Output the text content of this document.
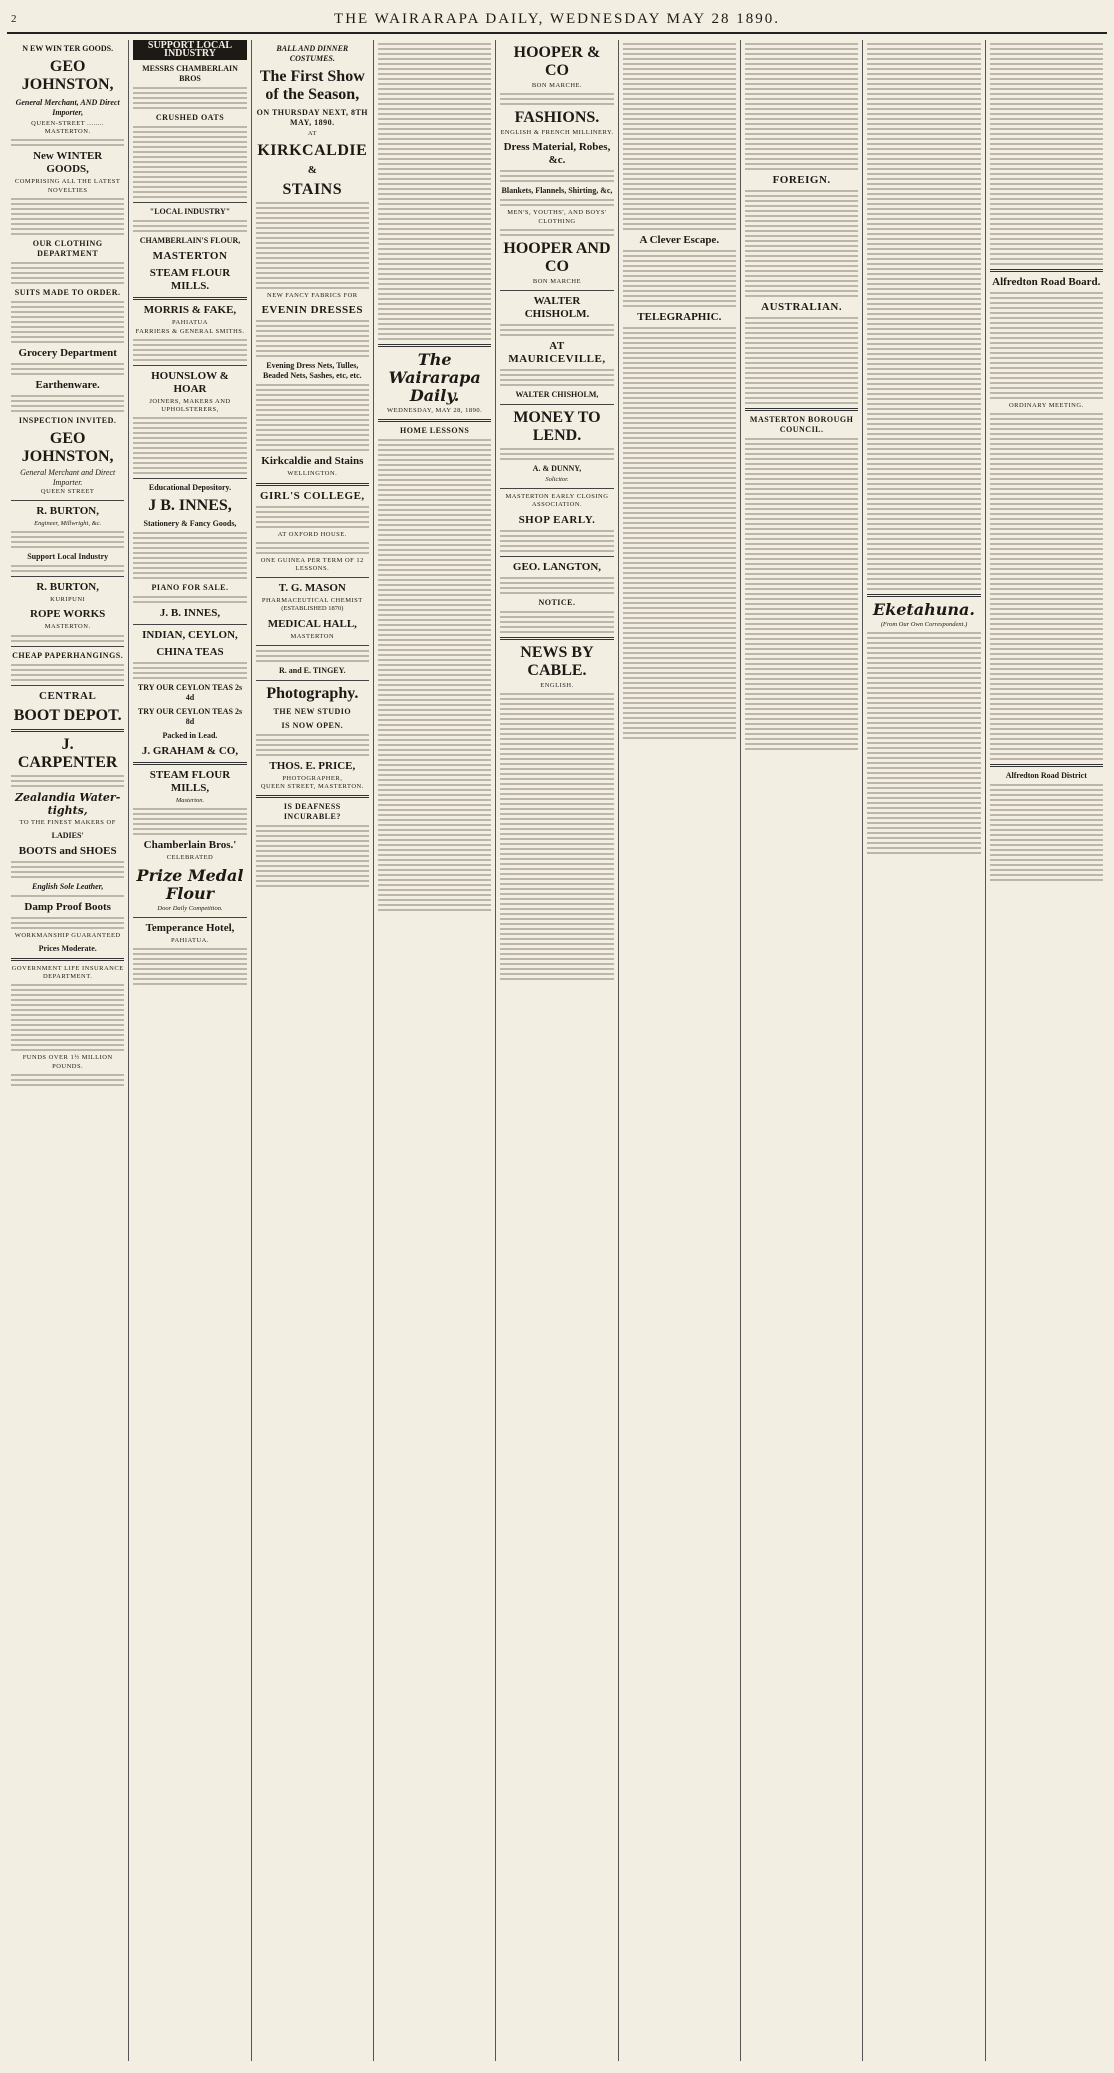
2	THE WAIRARAPA DAILY, WEDNESDAY MAY 28 1890.
N EW WIN TER GOODS.
GEO JOHNSTON,
General Merchant, AND Direct Importer,
QUEEN-STREET ........ MASTERTON.
New WINTER GOODS,
COMPRISING ALL THE LATEST NOVELTIES
OUR CLOTHING DEPARTMENT
SUITS MADE TO ORDER.
Grocery Department
Earthenware.
INSPECTION INVITED.
GEO JOHNSTON,
General Merchant and Direct Importer.
QUEEN STREET
R. BURTON,
Engineer, Millwright, &c.
Support Local Industry
R. BURTON,
KURIPUNI
ROPE WORKS
MASTERTON.
CHEAP PAPERHANGINGS.
CENTRAL
BOOT DEPOT.
J. CARPENTER
Zealandia Water-tights,
TO THE FINEST MAKERS OF
LADIES'
BOOTS and SHOES
English Sole Leather,
Damp Proof Boots
WORKMANSHIP GUARANTEED
Prices Moderate.
GOVERNMENT LIFE INSURANCE DEPARTMENT.
FUNDS OVER 1½ MILLION POUNDS.
SUPPORT LOCAL INDUSTRY
MESSRS CHAMBERLAIN BROS
CRUSHED OATS
"LOCAL INDUSTRY"
CHAMBERLAIN'S FLOUR,
MASTERTON
STEAM FLOUR MILLS.
MORRIS & FAKE,
PAHIATUA
FARRIERS & GENERAL SMITHS.
HOUNSLOW & HOAR
JOINERS, MAKERS AND UPHOLSTERERS,
Educational Depository.
J B. INNES,
Stationery & Fancy Goods,
PIANO FOR SALE.
J. B. INNES,
INDIAN, CEYLON,
CHINA TEAS
TRY OUR CEYLON TEAS 2s 4d
TRY OUR CEYLON TEAS 2s 8d
Packed in Lead.
J. GRAHAM & CO,
STEAM FLOUR MILLS,
Masterton.
Chamberlain Bros.'
CELEBRATED
Prize Medal Flour
Door Daily Competition.
Temperance Hotel,
PAHIATUA.
BALL AND DINNER COSTUMES.
The First Show of the Season,
ON THURSDAY NEXT, 8TH MAY, 1890.
AT
KIRKCALDIE
&
STAINS
NEW FANCY FABRICS FOR
EVENIN DRESSES
Evening Dress Nets, Tulles, Beaded Nets, Sashes, etc, etc.
Kirkcaldie and Stains
WELLINGTON.
GIRL'S COLLEGE,
AT OXFORD HOUSE.
ONE GUINEA PER TERM OF 12 LESSONS.
T. G. MASON
PHARMACEUTICAL CHEMIST
(ESTABLISHED 1870)
MEDICAL HALL,
MASTERTON
R. and E. TINGEY.
Photography.
THE NEW STUDIO
IS NOW OPEN.
THOS. E. PRICE,
PHOTOGRAPHER,
QUEEN STREET, MASTERTON.
IS DEAFNESS INCURABLE?
The Wairarapa Daily.
WEDNESDAY, MAY 28, 1890.
HOME LESSONS
HOOPER & CO
BON MARCHE.
FASHIONS.
ENGLISH & FRENCH MILLINERY.
Dress Material, Robes, &c.
Blankets, Flannels, Shirting, &c,
MEN'S, YOUTHS', AND BOYS' CLOTHING
HOOPER AND CO
BON MARCHE
WALTER CHISHOLM.
AT MAURICEVILLE,
WALTER CHISHOLM,
MONEY TO LEND.
A. & DUNNY,
Solicitor.
MASTERTON EARLY CLOSING ASSOCIATION.
SHOP EARLY.
GEO. LANGTON,
NOTICE.
NEWS BY CABLE.
ENGLISH.
A Clever Escape.
TELEGRAPHIC.
FOREIGN.
AUSTRALIAN.
MASTERTON BOROUGH COUNCIL.
Eketahuna.
(From Our Own Correspondent.)
Alfredton Road Board.
ORDINARY MEETING.
Alfredton Road District
